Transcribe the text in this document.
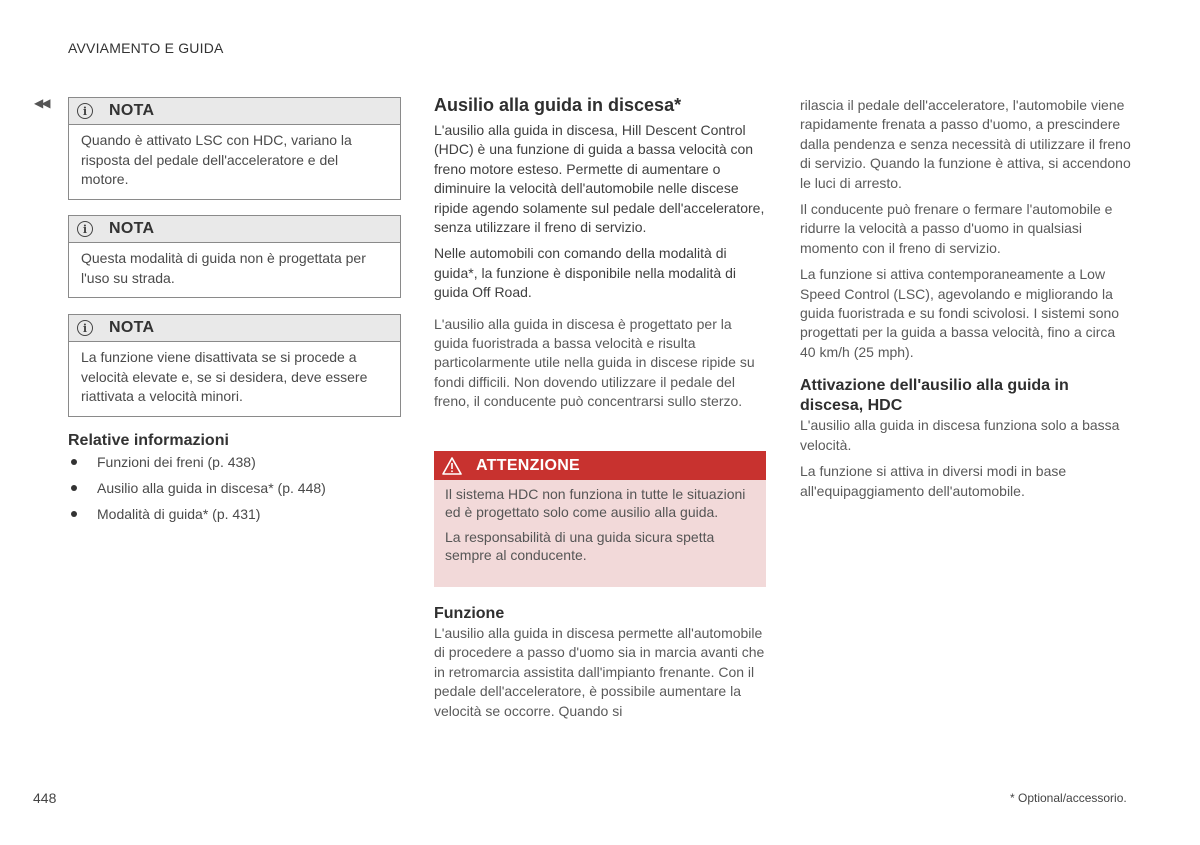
AVVIAMENTO E GUIDA
◀◀
i	NOTA
Quando è attivato LSC con HDC, variano la risposta del pedale dell'acceleratore e del motore.
i	NOTA
Questa modalità di guida non è progettata per l'uso su strada.
i	NOTA
La funzione viene disattivata se si procede a velocità elevate e, se si desidera, deve essere riattivata a velocità minori.
Relative informazioni
Funzioni dei freni (p. 438)
Ausilio alla guida in discesa* (p. 448)
Modalità di guida* (p. 431)
Ausilio alla guida in discesa*

L'ausilio alla guida in discesa, Hill Descent Control (HDC) è una funzione di guida a bassa velocità con freno motore esteso. Permette di aumentare o diminuire la velocità dell'automobile nelle discese ripide agendo solamente sul pedale dell'acceleratore, senza utilizzare il freno di servizio.

Nelle automobili con comando della modalità di guida*, la funzione è disponibile nella modalità di guida Off Road.

L'ausilio alla guida in discesa è progettato per la guida fuoristrada a bassa velocità e risulta particolarmente utile nella guida in discese ripide su fondi difficili. Non dovendo utilizzare il pedale del freno, il conducente può concentrarsi sullo sterzo.

ATTENZIONE

Il sistema HDC non funziona in tutte le situazioni ed è progettato solo come ausilio alla guida.

La responsabilità di una guida sicura spetta sempre al conducente.

Funzione

L'ausilio alla guida in discesa permette all'automobile di procedere a passo d'uomo sia in marcia avanti che in retromarcia assistita dall'impianto frenante. Con il pedale dell'acceleratore, è possibile aumentare la velocità se occorre. Quando si

rilascia il pedale dell'acceleratore, l'automobile viene rapidamente frenata a passo d'uomo, a prescindere dalla pendenza e senza necessità di utilizzare il freno di servizio. Quando la funzione è attiva, si accendono le luci di arresto.

Il conducente può frenare o fermare l'automobile e ridurre la velocità a passo d'uomo in qualsiasi momento con il freno di servizio.

La funzione si attiva contemporaneamente a Low Speed Control (LSC), agevolando e migliorando la guida fuoristrada e su fondi scivolosi. I sistemi sono progettati per la guida a bassa velocità, fino a circa 40 km/h (25 mph).

Attivazione dell'ausilio alla guida in discesa, HDC

L'ausilio alla guida in discesa funziona solo a bassa velocità.

La funzione si attiva in diversi modi in base all'equipaggiamento dell'automobile.

448	* Optional/accessorio.
